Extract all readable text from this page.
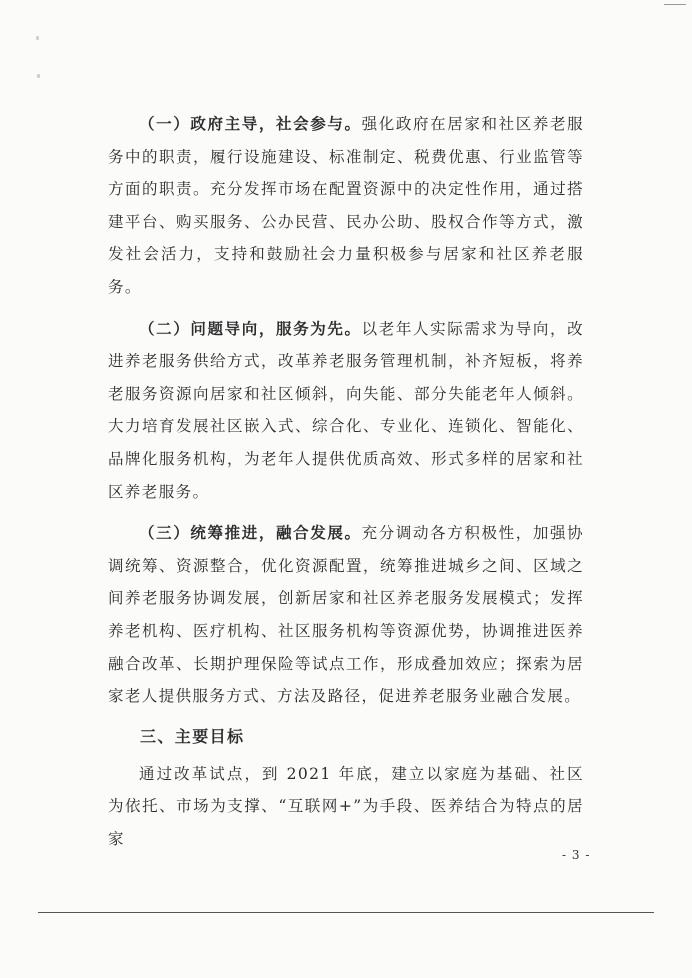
（一）政府主导，社会参与。强化政府在居家和社区养老服务中的职责，履行设施建设、标准制定、税费优惠、行业监管等方面的职责。充分发挥市场在配置资源中的决定性作用，通过搭建平台、购买服务、公办民营、民办公助、股权合作等方式，激发社会活力，支持和鼓励社会力量积极参与居家和社区养老服务。

（二）问题导向，服务为先。以老年人实际需求为导向，改进养老服务供给方式，改革养老服务管理机制，补齐短板，将养老服务资源向居家和社区倾斜，向失能、部分失能老年人倾斜。大力培育发展社区嵌入式、综合化、专业化、连锁化、智能化、品牌化服务机构，为老年人提供优质高效、形式多样的居家和社区养老服务。

（三）统筹推进，融合发展。充分调动各方积极性，加强协调统筹、资源整合，优化资源配置，统筹推进城乡之间、区域之间养老服务协调发展，创新居家和社区养老服务发展模式；发挥养老机构、医疗机构、社区服务机构等资源优势，协调推进医养融合改革、长期护理保险等试点工作，形成叠加效应；探索为居家老人提供服务方式、方法及路径，促进养老服务业融合发展。

三、主要目标

通过改革试点，到 2021 年底，建立以家庭为基础、社区为依托、市场为支撑、“互联网+”为手段、医养结合为特点的居家

- 3 -
